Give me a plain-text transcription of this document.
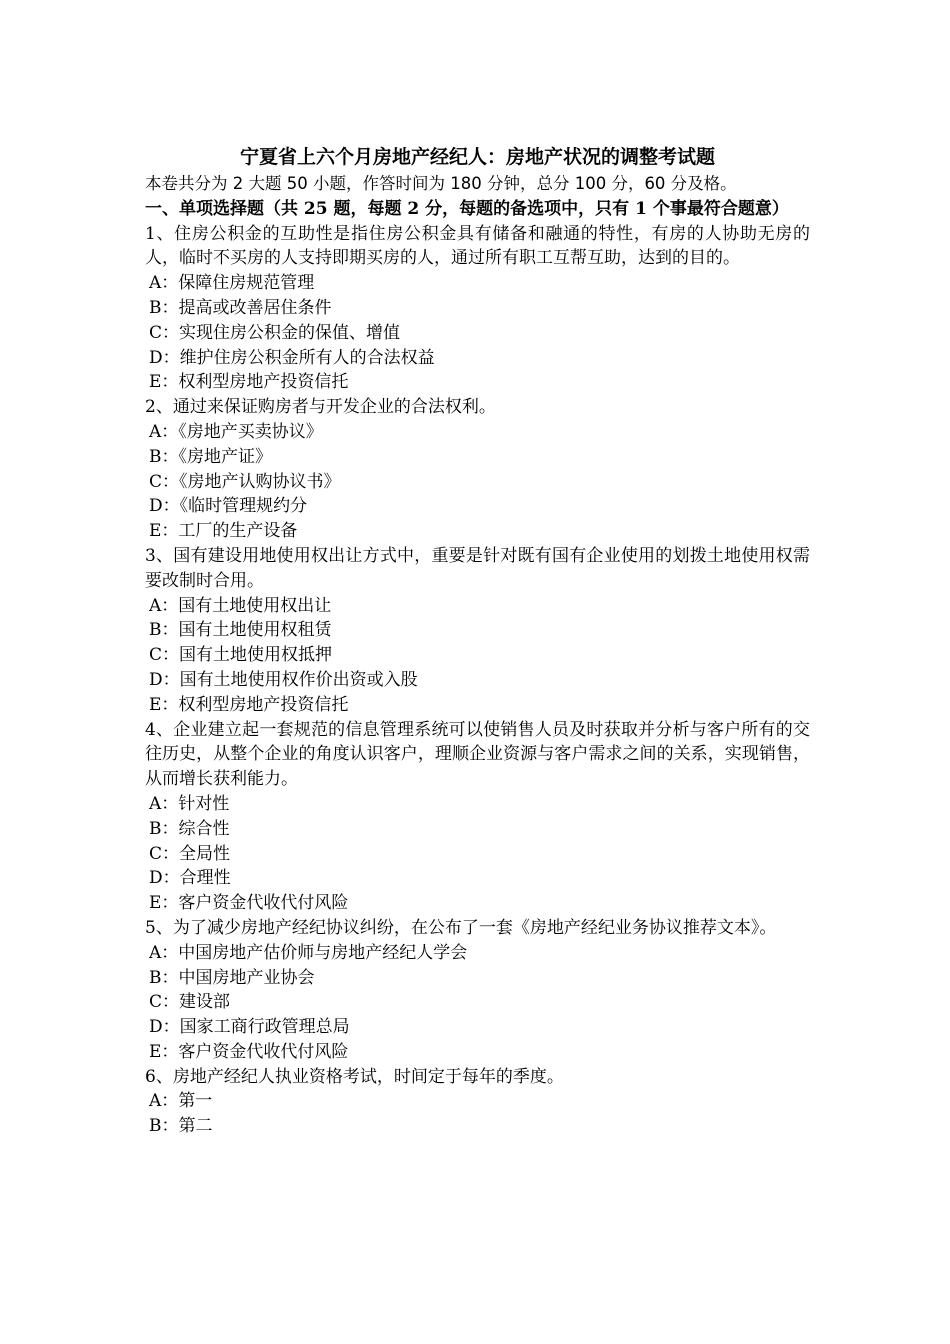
宁夏省上六个月房地产经纪人：房地产状况的调整考试题

本卷共分为 2 大题 50 小题，作答时间为 180 分钟，总分 100 分，60 分及格。

一、单项选择题（共 25 题，每题 2 分，每题的备选项中，只有 1 个事最符合题意）

1、住房公积金的互助性是指住房公积金具有储备和融通的特性，有房的人协助无房的人，临时不买房的人支持即期买房的人，通过所有职工互帮互助，达到的目的。

A：保障住房规范管理
B：提高或改善居住条件
C：实现住房公积金的保值、增值
D：维护住房公积金所有人的合法权益
E：权利型房地产投资信托

2、通过来保证购房者与开发企业的合法权利。

A：《房地产买卖协议》
B：《房地产证》
C：《房地产认购协议书》
D：《临时管理规约分
E：工厂的生产设备

3、国有建设用地使用权出让方式中，重要是针对既有国有企业使用的划拨土地使用权需要改制时合用。

A：国有土地使用权出让
B：国有土地使用权租赁
C：国有土地使用权抵押
D：国有土地使用权作价出资或入股
E：权利型房地产投资信托

4、企业建立起一套规范的信息管理系统可以使销售人员及时获取并分析与客户所有的交往历史，从整个企业的角度认识客户，理顺企业资源与客户需求之间的关系，实现销售，从而增长获利能力。

A：针对性
B：综合性
C：全局性
D：合理性
E：客户资金代收代付风险

5、为了减少房地产经纪协议纠纷，在公布了一套《房地产经纪业务协议推荐文本》。

A：中国房地产估价师与房地产经纪人学会
B：中国房地产业协会
C：建设部
D：国家工商行政管理总局
E：客户资金代收代付风险

6、房地产经纪人执业资格考试，时间定于每年的季度。

A：第一
B：第二
